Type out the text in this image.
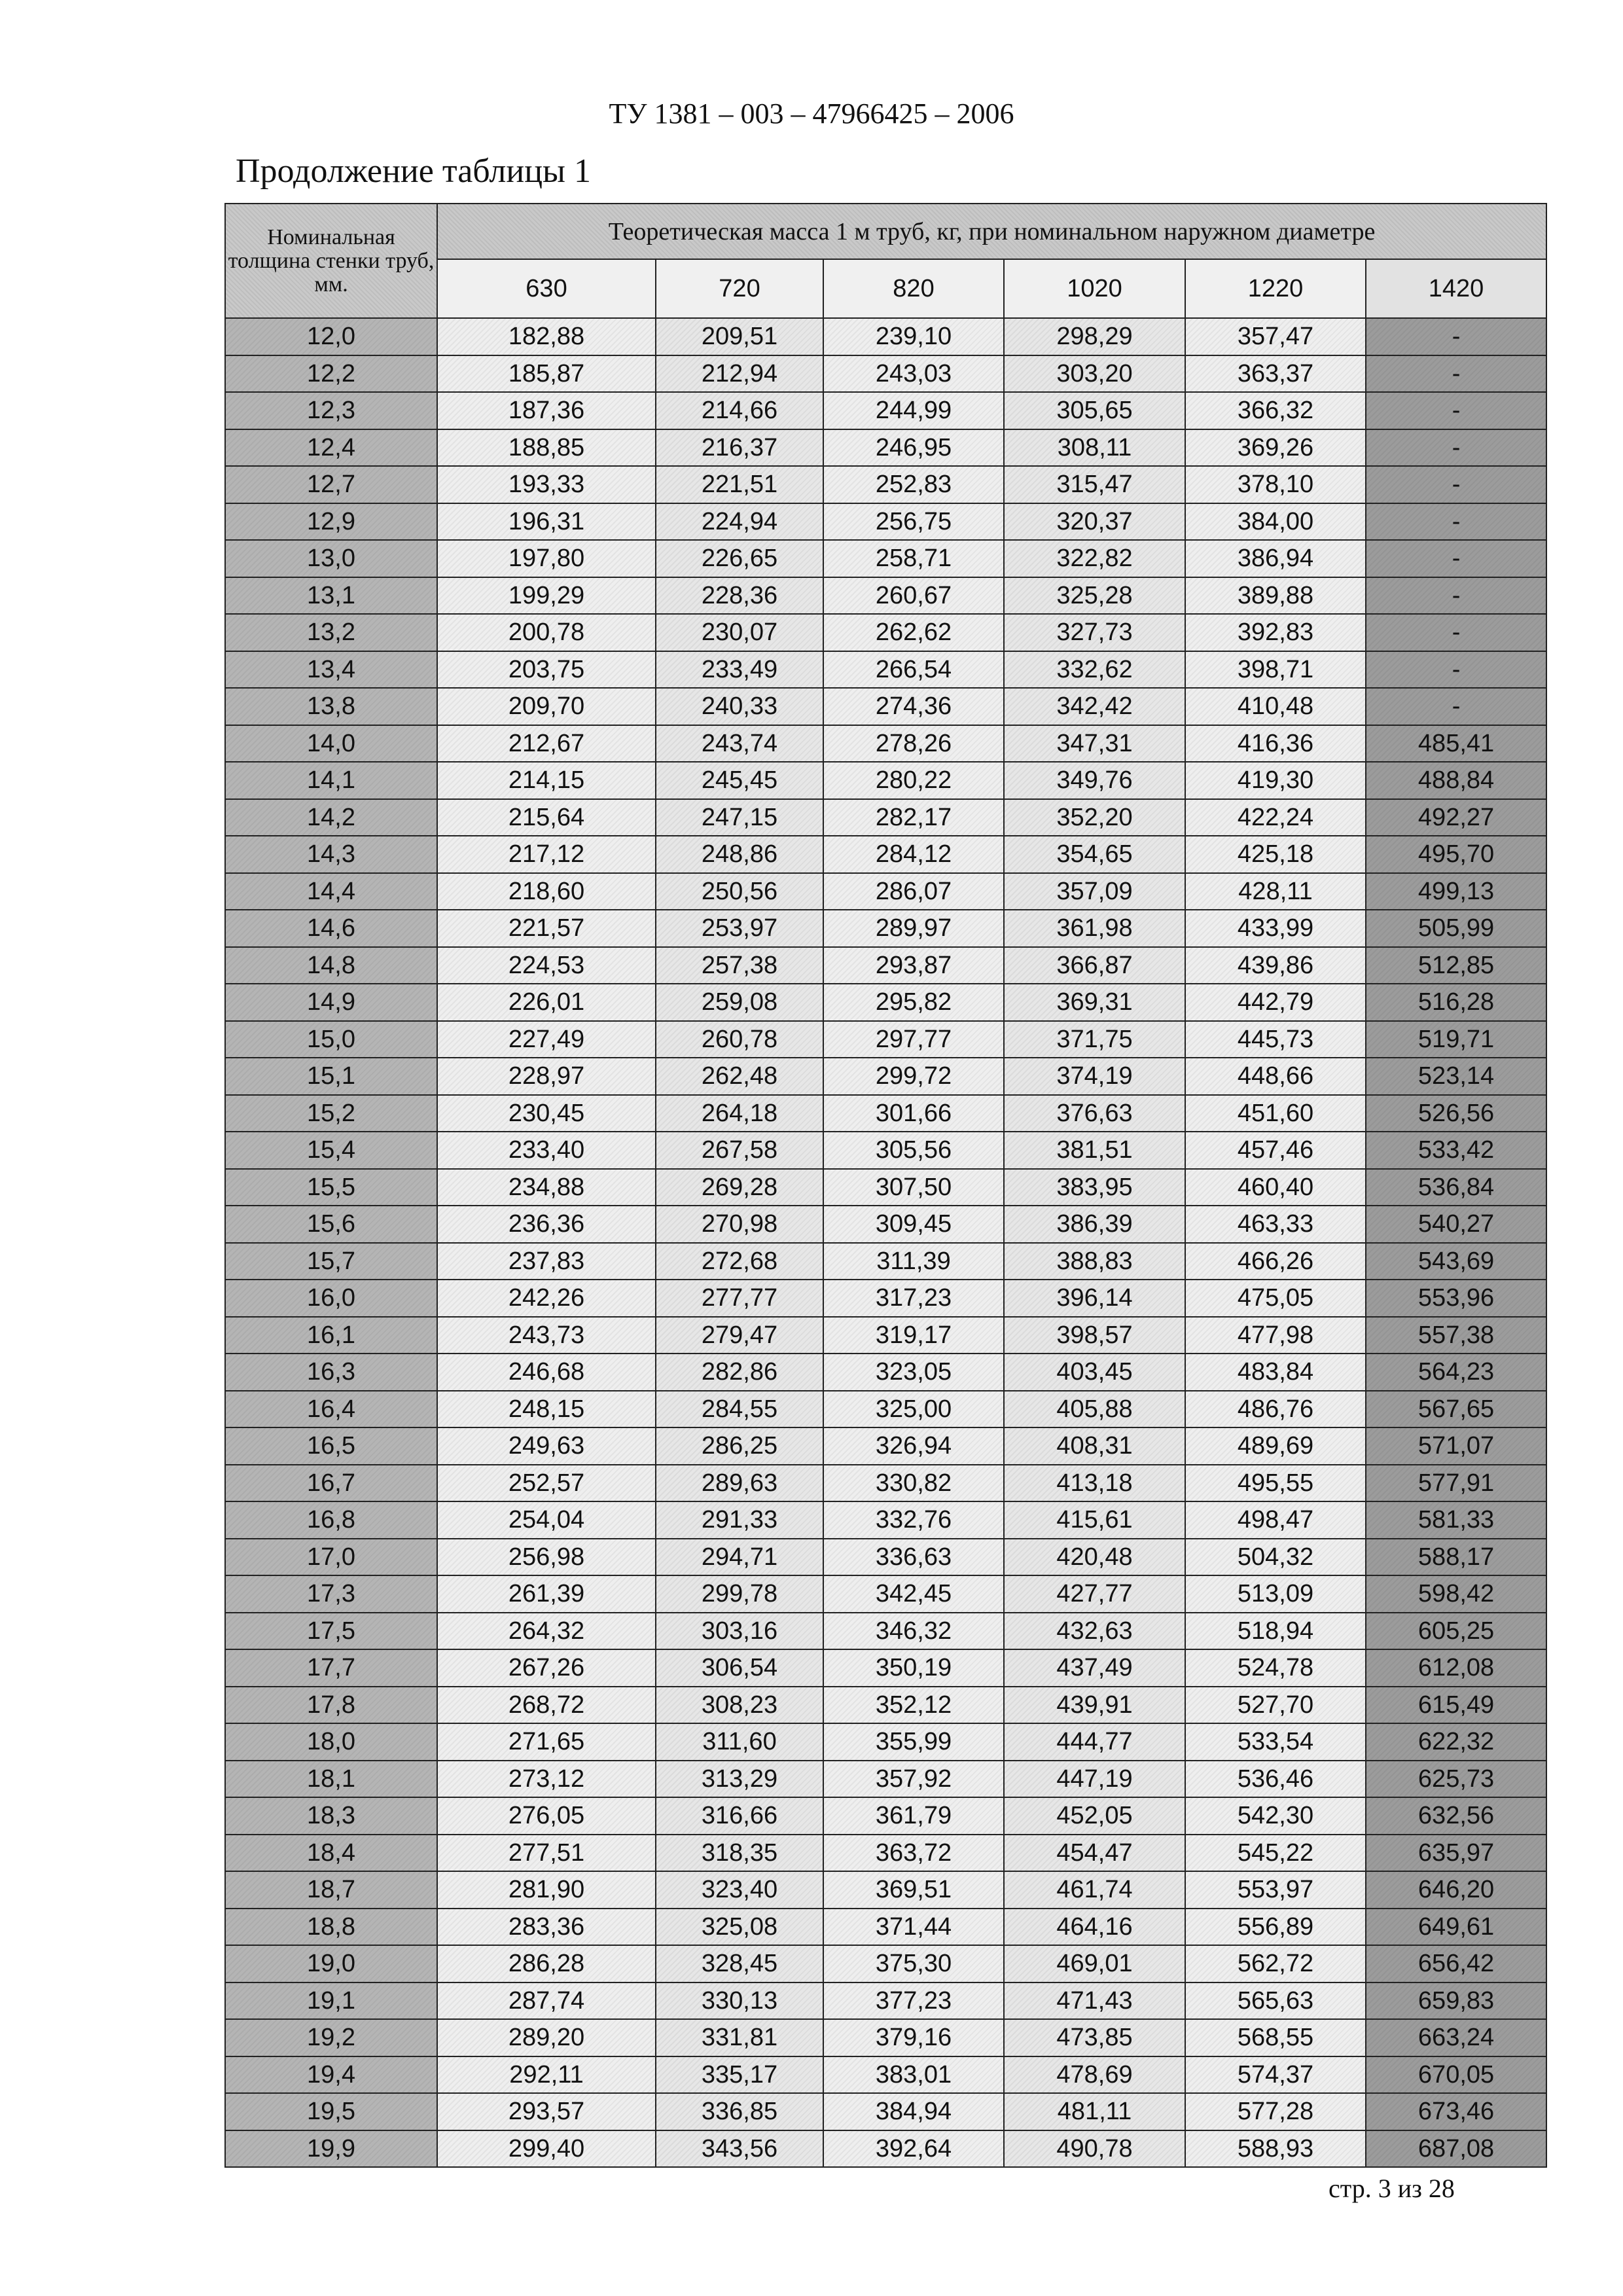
ТУ 1381 – 003 – 47966425 – 2006
Продолжение таблицы 1
Номинальная толщина стенки труб, мм.	Теоретическая масса 1 м труб, кг, при номинальном наружном диаметре					
	630	720	820	1020	1220	1420
12,0	182,88	209,51	239,10	298,29	357,47	-
12,2	185,87	212,94	243,03	303,20	363,37	-
12,3	187,36	214,66	244,99	305,65	366,32	-
12,4	188,85	216,37	246,95	308,11	369,26	-
12,7	193,33	221,51	252,83	315,47	378,10	-
12,9	196,31	224,94	256,75	320,37	384,00	-
13,0	197,80	226,65	258,71	322,82	386,94	-
13,1	199,29	228,36	260,67	325,28	389,88	-
13,2	200,78	230,07	262,62	327,73	392,83	-
13,4	203,75	233,49	266,54	332,62	398,71	-
13,8	209,70	240,33	274,36	342,42	410,48	-
14,0	212,67	243,74	278,26	347,31	416,36	485,41
14,1	214,15	245,45	280,22	349,76	419,30	488,84
14,2	215,64	247,15	282,17	352,20	422,24	492,27
14,3	217,12	248,86	284,12	354,65	425,18	495,70
14,4	218,60	250,56	286,07	357,09	428,11	499,13
14,6	221,57	253,97	289,97	361,98	433,99	505,99
14,8	224,53	257,38	293,87	366,87	439,86	512,85
14,9	226,01	259,08	295,82	369,31	442,79	516,28
15,0	227,49	260,78	297,77	371,75	445,73	519,71
15,1	228,97	262,48	299,72	374,19	448,66	523,14
15,2	230,45	264,18	301,66	376,63	451,60	526,56
15,4	233,40	267,58	305,56	381,51	457,46	533,42
15,5	234,88	269,28	307,50	383,95	460,40	536,84
15,6	236,36	270,98	309,45	386,39	463,33	540,27
15,7	237,83	272,68	311,39	388,83	466,26	543,69
16,0	242,26	277,77	317,23	396,14	475,05	553,96
16,1	243,73	279,47	319,17	398,57	477,98	557,38
16,3	246,68	282,86	323,05	403,45	483,84	564,23
16,4	248,15	284,55	325,00	405,88	486,76	567,65
16,5	249,63	286,25	326,94	408,31	489,69	571,07
16,7	252,57	289,63	330,82	413,18	495,55	577,91
16,8	254,04	291,33	332,76	415,61	498,47	581,33
17,0	256,98	294,71	336,63	420,48	504,32	588,17
17,3	261,39	299,78	342,45	427,77	513,09	598,42
17,5	264,32	303,16	346,32	432,63	518,94	605,25
17,7	267,26	306,54	350,19	437,49	524,78	612,08
17,8	268,72	308,23	352,12	439,91	527,70	615,49
18,0	271,65	311,60	355,99	444,77	533,54	622,32
18,1	273,12	313,29	357,92	447,19	536,46	625,73
18,3	276,05	316,66	361,79	452,05	542,30	632,56
18,4	277,51	318,35	363,72	454,47	545,22	635,97
18,7	281,90	323,40	369,51	461,74	553,97	646,20
18,8	283,36	325,08	371,44	464,16	556,89	649,61
19,0	286,28	328,45	375,30	469,01	562,72	656,42
19,1	287,74	330,13	377,23	471,43	565,63	659,83
19,2	289,20	331,81	379,16	473,85	568,55	663,24
19,4	292,11	335,17	383,01	478,69	574,37	670,05
19,5	293,57	336,85	384,94	481,11	577,28	673,46
19,9	299,40	343,56	392,64	490,78	588,93	687,08
стр. 3 из 28
